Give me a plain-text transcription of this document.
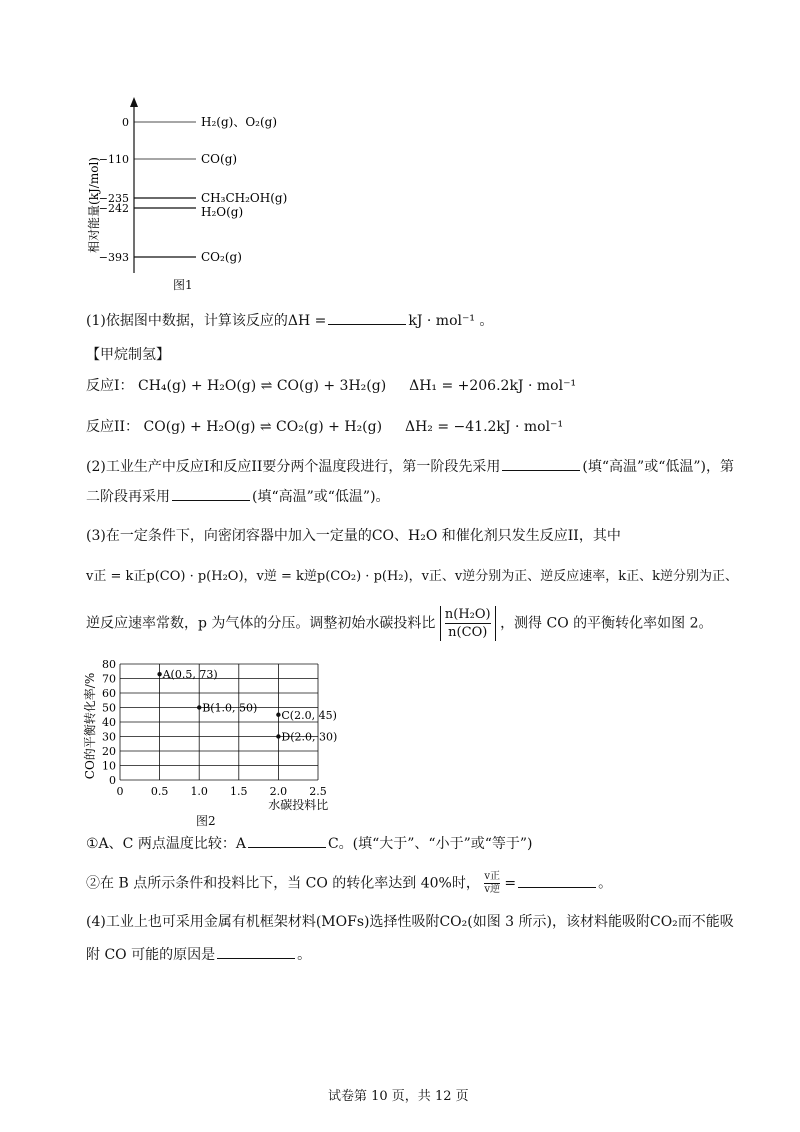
相对能量(kJ/mol)
0	H₂(g)、O₂(g)
−110	CO(g)
−235	CH₃CH₂OH(g)
−242	H₂O(g)
−393	CO₂(g)
图1
(1)依据图中数据，计算该反应的ΔH =	kJ · mol⁻¹ 。
【甲烷制氢】
反应I： CH₄(g) + H₂O(g) ⇌ CO(g) + 3H₂(g) ΔH₁ = +206.2kJ · mol⁻¹
反应II： CO(g) + H₂O(g) ⇌ CO₂(g) + H₂(g) ΔH₂ = −41.2kJ · mol⁻¹
(2)工业生产中反应I和反应II要分两个温度段进行，第一阶段先采用	(填“高温”或“低温”)，第
二阶段再采用	(填“高温”或“低温”)。
(3)在一定条件下，向密闭容器中加入一定量的CO、H₂O 和催化剂只发生反应II，其中
v正 = k正p(CO) · p(H₂O)，v逆 = k逆p(CO₂) · p(H₂)，v正、v逆分别为正、逆反应速率，k正、k逆分别为正、
逆反应速率常数，p 为气体的分压。调整初始水碳投料比 $\frac{\text{n(H₂O)}}{n(CO)}$ ，测得 CO 的平衡转化率如图 2。
0
10
20
30
40
50
60
70
80
0 0.5 1.0 1.5 2.0 2.5
水碳投料比
CO的平衡转化率/%	A(0.5, 73)
B(1.0, 50)
C(2.0, 45)
D(2.0, 30)
图2
①A、C 两点温度比较：A	C。(填“大于”、“小于”或“等于”)
②在 B 点所示条件和投料比下，当 CO 的转化率达到 40%时， $\frac{\text{v正}}{\text{v逆}}$ =	。
(4)工业上也可采用金属有机框架材料(MOFs)选择性吸附CO₂(如图 3 所示)，该材料能吸附CO₂而不能吸
附 CO 可能的原因是	。
试卷第 10 页，共 12 页
